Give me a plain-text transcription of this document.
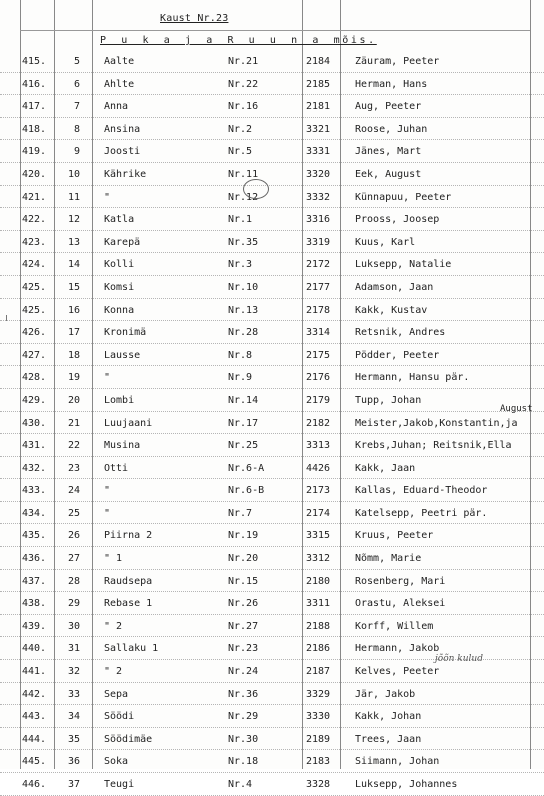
Kaust Nr.23
P u k a j a R u u n a mõis.
415.	5 Aalte	Nr.21	2184 Zäuram, Peeter
416.	6 Ahlte	Nr.22	2185 Herman, Hans
417.	7 Anna	Nr.16	2181 Aug, Peeter
418.	8 Ansina	Nr.2	3321 Roose, Juhan
419.	9 Joosti	Nr.5	3331 Jänes, Mart
420.	10 Kährike	Nr.11	3320 Eek, August
421.	11 "	Nr.12	3332 Künnapuu, Peeter
422.	12 Katla	Nr.1	3316 Prooss, Joosep
423.	13 Karepä	Nr.35	3319 Kuus, Karl
424.	14 Kolli	Nr.3	2172 Luksepp, Natalie
425.	15 Komsi	Nr.10	2177 Adamson, Jaan
425.	16 Konna	Nr.13	2178 Kakk, Kustav
426.	17 Kronimä	Nr.28	3314 Retsnik, Andres
427.	18 Lausse	Nr.8	2175 Pödder, Peeter
428.	19 "	Nr.9	2176 Hermann, Hansu pär.
429.	20 Lombi	Nr.14	2179 Tupp, Johan
430.	21 Luujaani	Nr.17	2182 Meister,Jakob,Konstantin,ja
431.	22 Musina	Nr.25	3313 Krebs,Juhan; Reitsnik,Ella
432.	23 Otti	Nr.6-A	4426 Kakk, Jaan
433.	24 "	Nr.6-B	2173 Kallas, Eduard-Theodor
434.	25 "	Nr.7	2174 Katelsepp, Peetri pär.
435.	26 Piirna 2	Nr.19	3315 Kruus, Peeter
436.	27 " 1	Nr.20	3312 Nõmm, Marie
437.	28 Raudsepa	Nr.15	2180 Rosenberg, Mari
438.	29 Rebase 1	Nr.26	3311 Orastu, Aleksei
439.	30 " 2	Nr.27	2188 Korff, Willem
440.	31 Sallaku 1	Nr.23	2186 Hermann, Jakob
441.	32 " 2	Nr.24	2187 Kelves, Peeter
442.	33 Sepa	Nr.36	3329 Jär, Jakob
443.	34 Söödi	Nr.29	3330 Kakk, Johan
444.	35 Söödimäe	Nr.30	2189 Trees, Jaan
445.	36 Soka	Nr.18	2183 Siimann, Johan
446.	37 Teugi	Nr.4	3328 Luksepp, Johannes
August
jõõn kulud
